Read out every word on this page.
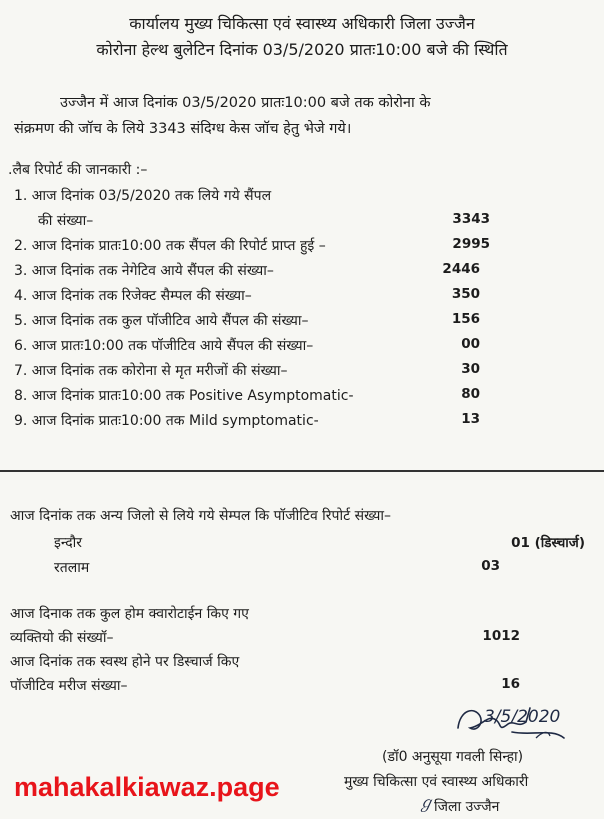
कार्यालय मुख्य चिकित्सा एवं स्वास्थ्य अधिकारी जिला उज्जैन
कोरोना हेल्थ बुलेटिन दिनांक 03/5/2020 प्रातः10:00 बजे की स्थिति
उज्जैन में आज दिनांक 03/5/2020 प्रातः10:00 बजे तक कोरोना के
संक्रमण की जॉच के लिये 3343 संदिग्ध केस जॉच हेतु भेजे गये।
.लैब रिपोर्ट की जानकारी :–
1. आज दिनांक 03/5/2020 तक लिये गये सैंपल
की संख्या–	3343
2. आज दिनांक प्रातः10:00 तक सैंपल की रिपोर्ट प्राप्त हुई –	2995
3. आज दिनांक तक नेगेटिव आये सैंपल की संख्या–	2446
4. आज दिनांक तक रिजेक्ट सैम्पल की संख्या–	350
5. आज दिनांक तक कुल पॉजीटिव आये सैंपल की संख्या–	156
6. आज प्रातः10:00 तक पॉजीटिव आये सैंपल की संख्या–	00
7. आज दिनांक तक कोरोना से मृत मरीजों की संख्या–	30
8. आज दिनांक प्रातः10:00 तक Positive Asymptomatic-	80
9. आज दिनांक प्रातः10:00 तक Mild symptomatic-	13
आज दिनांक तक अन्य जिलो से लिये गये सेम्पल कि पॉजीटिव रिपोर्ट संख्या–
इन्दौर	01 (डिस्चार्ज)
रतलाम	03
आज दिनाक तक कुल होम क्वारोटाईन किए गए
व्यक्तियो की संख्यॉ–	1012
आज दिनांक तक स्वस्थ होने पर डिस्चार्ज किए
पॉजीटिव मरीज संख्या–	16
3/5/2020
(डॉ0 अनुसूया गवली सिन्हा)
मुख्य चिकित्सा एवं स्वास्थ्य अधिकारी
ℊ जिला उज्जैन
mahakalkiawaz.page
